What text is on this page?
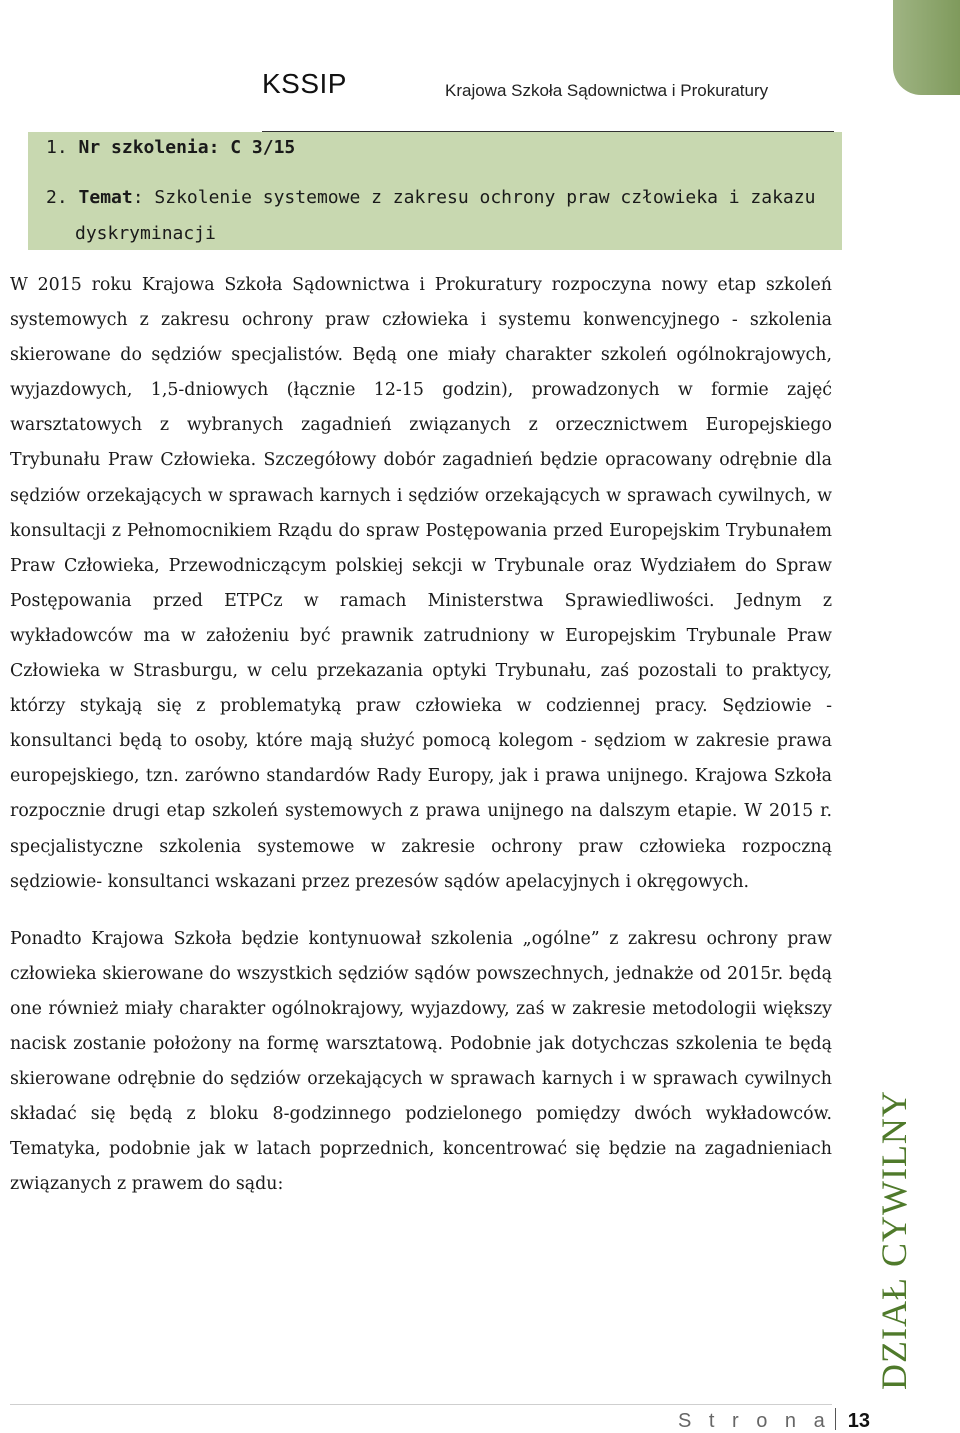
KSSIP	Krajowa Szkoła Sądownictwa i Prokuratury
1. Nr szkolenia: C 3/15
2. Temat: Szkolenie systemowe z zakresu ochrony praw człowieka i zakazu
dyskryminacji

W 2015 roku Krajowa Szkoła Sądownictwa i Prokuratury rozpoczyna nowy etap szkoleń systemowych z zakresu ochrony praw człowieka i systemu konwencyjnego - szkolenia skierowane do sędziów specjalistów. Będą one miały charakter szkoleń ogólnokrajowych, wyjazdowych, 1,5-dniowych (łącznie 12-15 godzin), prowadzonych w formie zajęć warsztatowych z wybranych zagadnień związanych z orzecznictwem Europejskiego Trybunału Praw Człowieka. Szczegółowy dobór zagadnień będzie opracowany odrębnie dla sędziów orzekających w sprawach karnych i sędziów orzekających w sprawach cywilnych, w konsultacji z Pełnomocnikiem Rządu do spraw Postępowania przed Europejskim Trybunałem Praw Człowieka, Przewodniczącym polskiej sekcji w Trybunale oraz Wydziałem do Spraw Postępowania przed ETPCz w ramach Ministerstwa Sprawiedliwości. Jednym z wykładowców ma w założeniu być prawnik zatrudniony w Europejskim Trybunale Praw Człowieka w Strasburgu, w celu przekazania optyki Trybunału, zaś pozostali to praktycy, którzy stykają się z problematyką praw człowieka w codziennej pracy. Sędziowie - konsultanci będą to osoby, które mają służyć pomocą kolegom - sędziom w zakresie prawa europejskiego, tzn. zarówno standardów Rady Europy, jak i prawa unijnego. Krajowa Szkoła rozpocznie drugi etap szkoleń systemowych z prawa unijnego na dalszym etapie. W 2015 r. specjalistyczne szkolenia systemowe w zakresie ochrony praw człowieka rozpoczną sędziowie- konsultanci wskazani przez prezesów sądów apelacyjnych i okręgowych.

Ponadto Krajowa Szkoła będzie kontynuował szkolenia „ogólne” z zakresu ochrony praw człowieka skierowane do wszystkich sędziów sądów powszechnych, jednakże od 2015r. będą one również miały charakter ogólnokrajowy, wyjazdowy, zaś w zakresie metodologii większy nacisk zostanie położony na formę warsztatową. Podobnie jak dotychczas szkolenia te będą skierowane odrębnie do sędziów orzekających w sprawach karnych i w sprawach cywilnych składać się będą z bloku 8-godzinnego podzielonego pomiędzy dwóch wykładowców. Tematyka, podobnie jak w latach poprzednich, koncentrować się będzie na zagadnieniach związanych z prawem do sądu:	DZIAŁ CYWILNY
S t r o n a 13
